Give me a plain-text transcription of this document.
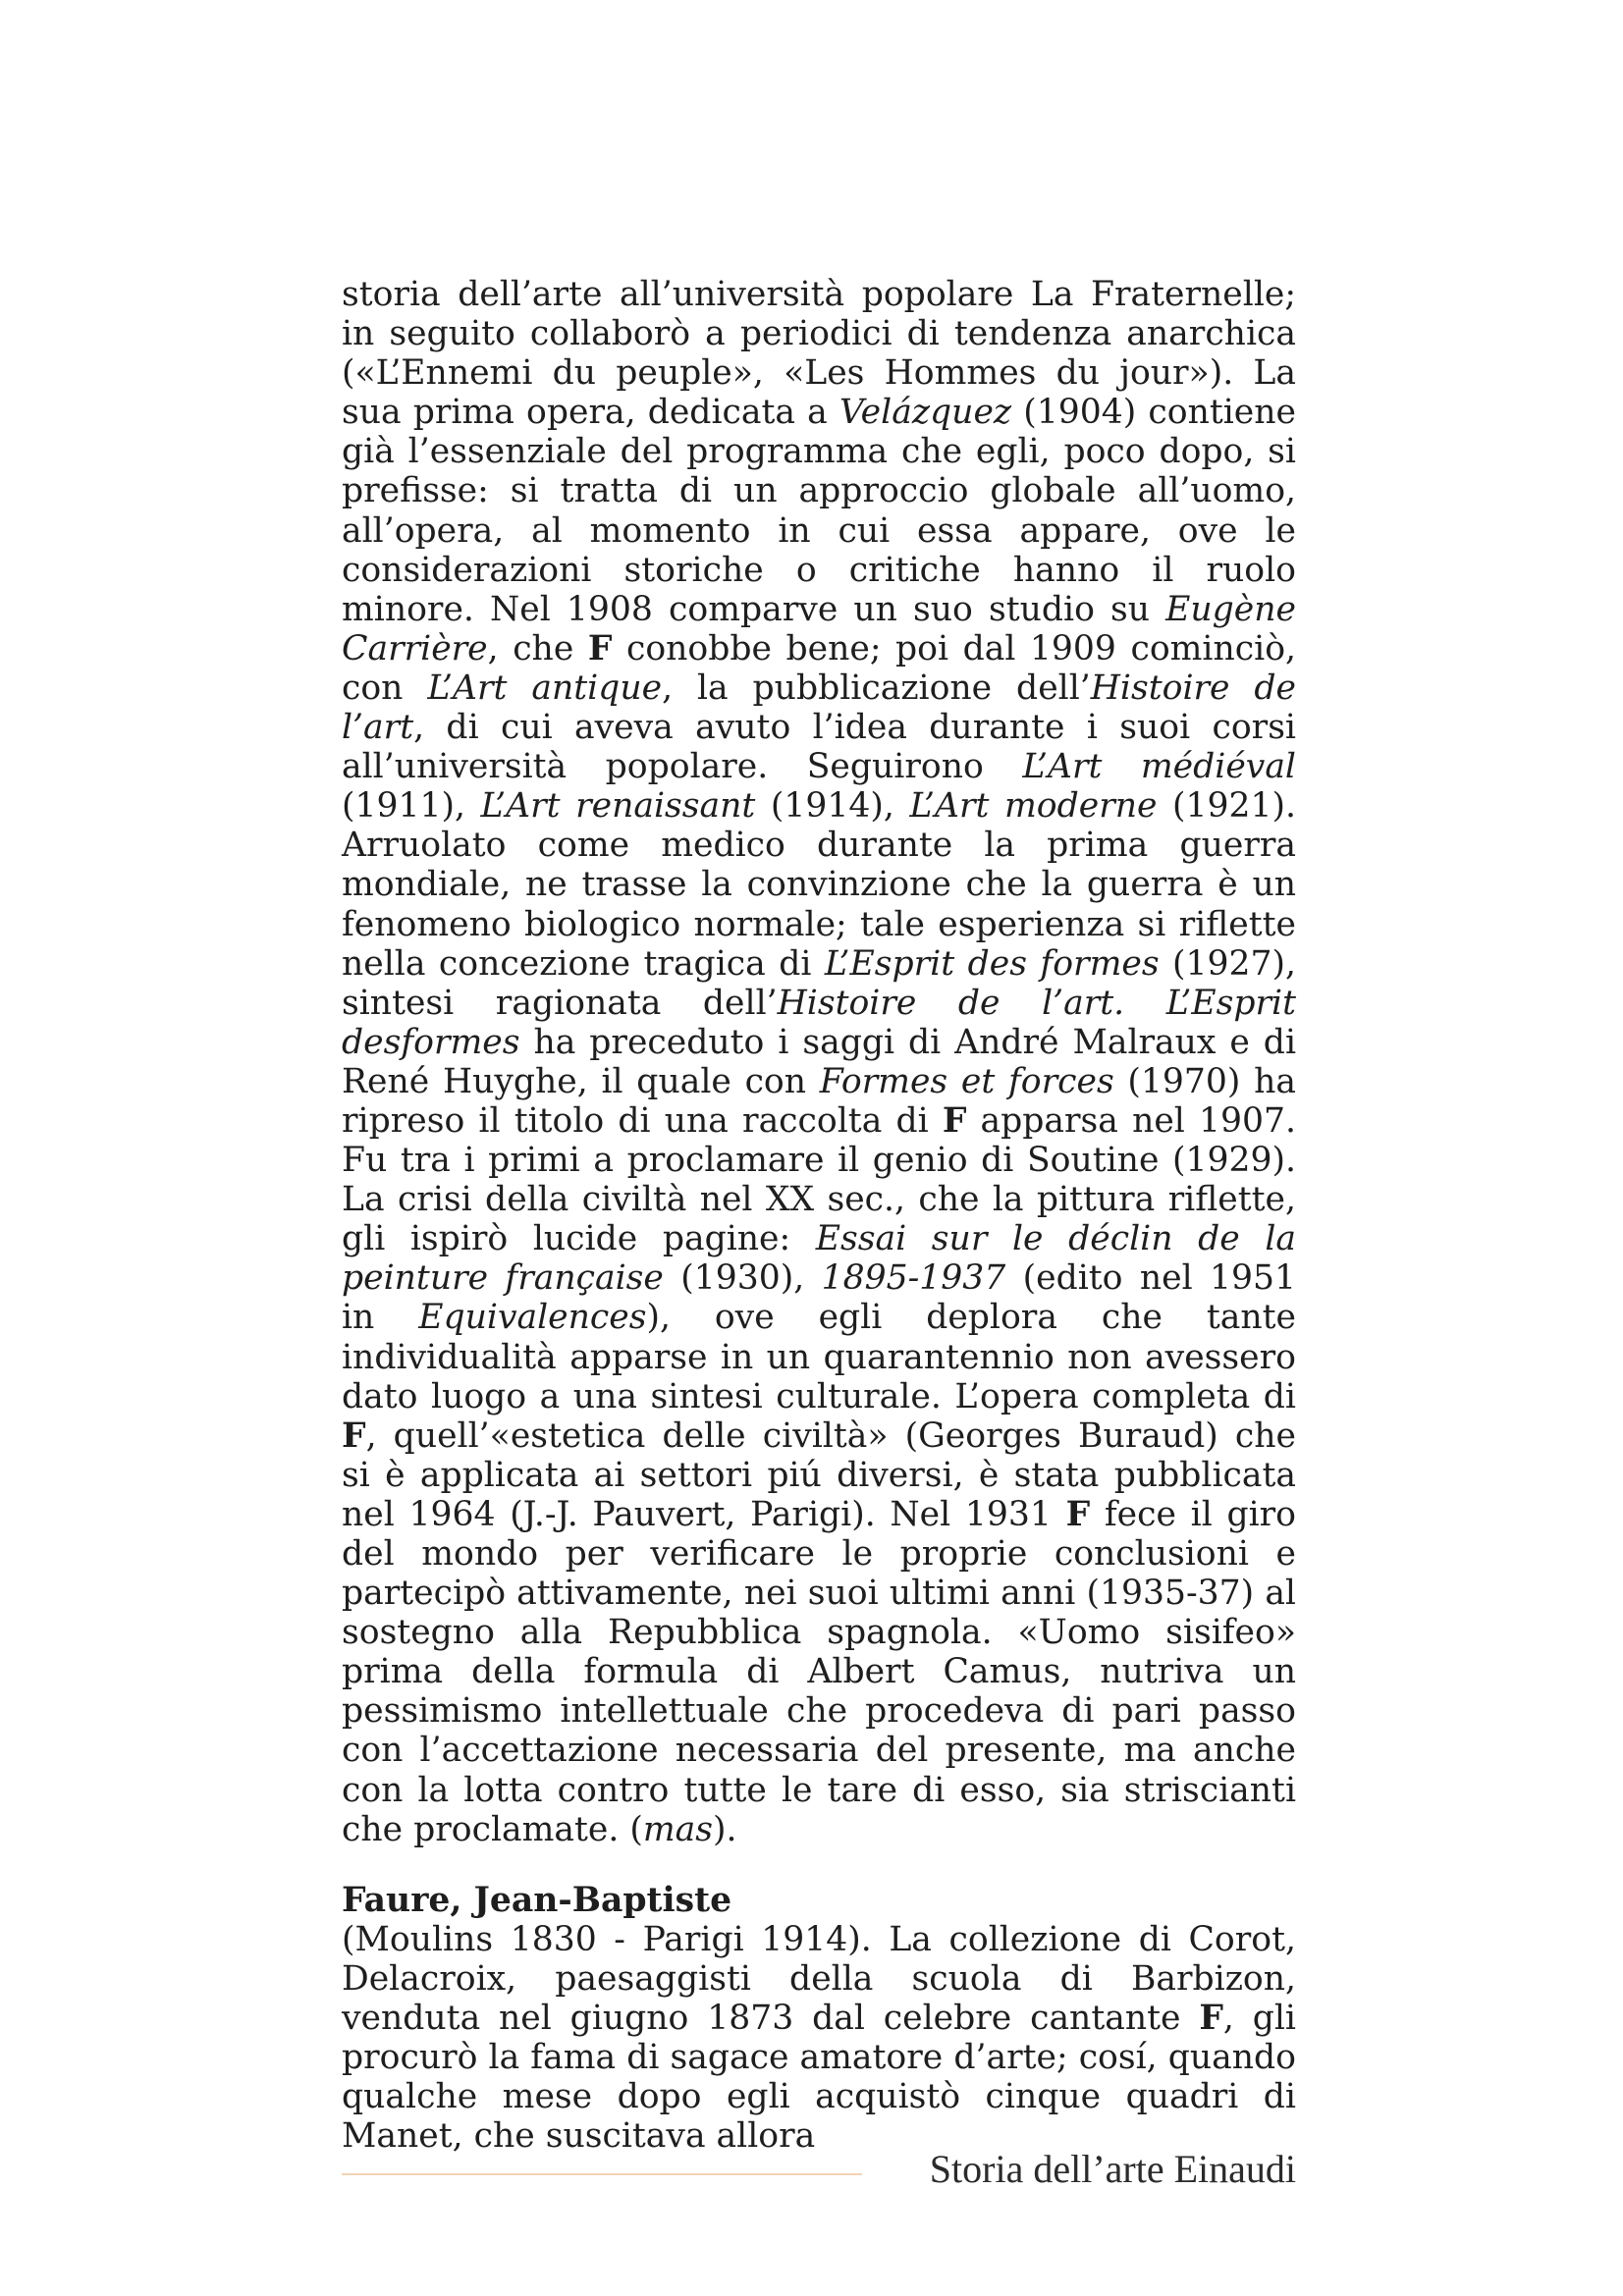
storia dell’arte all’università popolare La Fraternelle; in seguito collaborò a periodici di tendenza anarchica («L’Ennemi du peuple», «Les Hommes du jour»). La sua prima opera, dedicata a Velázquez (1904) contiene già l’essenziale del programma che egli, poco dopo, si prefisse: si tratta di un approccio globale all’uomo, all’opera, al momento in cui essa appare, ove le considerazioni storiche o critiche hanno il ruolo minore. Nel 1908 comparve un suo studio su Eugène Carrière, che F conobbe bene; poi dal 1909 cominciò, con L’Art antique, la pubblicazione dell’Histoire de l’art, di cui aveva avuto l’idea durante i suoi corsi all’università popolare. Seguirono L’Art médiéval (1911), L’Art renaissant (1914), L’Art moderne (1921). Arruolato come medico durante la prima guerra mondiale, ne trasse la convinzione che la guerra è un fenomeno biologico normale; tale esperienza si riflette nella concezione tragica di L’Esprit des formes (1927), sintesi ragionata dell’Histoire de l’art. L’Esprit desformes ha preceduto i saggi di André Malraux e di René Huyghe, il quale con Formes et forces (1970) ha ripreso il titolo di una raccolta di F apparsa nel 1907. Fu tra i primi a proclamare il genio di Soutine (1929). La crisi della civiltà nel XX sec., che la pittura riflette, gli ispirò lucide pagine: Essai sur le déclin de la peinture française (1930), 1895-1937 (edito nel 1951 in Equivalences), ove egli deplora che tante individualità apparse in un quarantennio non avessero dato luogo a una sintesi culturale. L’opera completa di F, quell’«estetica delle civiltà» (Georges Buraud) che si è applicata ai settori piú diversi, è stata pubblicata nel 1964 (J.-J. Pauvert, Parigi). Nel 1931 F fece il giro del mondo per verificare le proprie conclusioni e partecipò attivamente, nei suoi ultimi anni (1935-37) al sostegno alla Repubblica spagnola. «Uomo sisifeo» prima della formula di Albert Camus, nutriva un pessimismo intellettuale che procedeva di pari passo con l’accettazione necessaria del presente, ma anche con la lotta contro tutte le tare di esso, sia striscianti che proclamate. (mas).

Faure, Jean-Baptiste

(Moulins 1830 - Parigi 1914). La collezione di Corot, Delacroix, paesaggisti della scuola di Barbizon, venduta nel giugno 1873 dal celebre cantante F, gli procurò la fama di sagace amatore d’arte; cosí, quando qualche mese dopo egli acquistò cinque quadri di Manet, che suscitava allora

Storia dell’arte Einaudi
